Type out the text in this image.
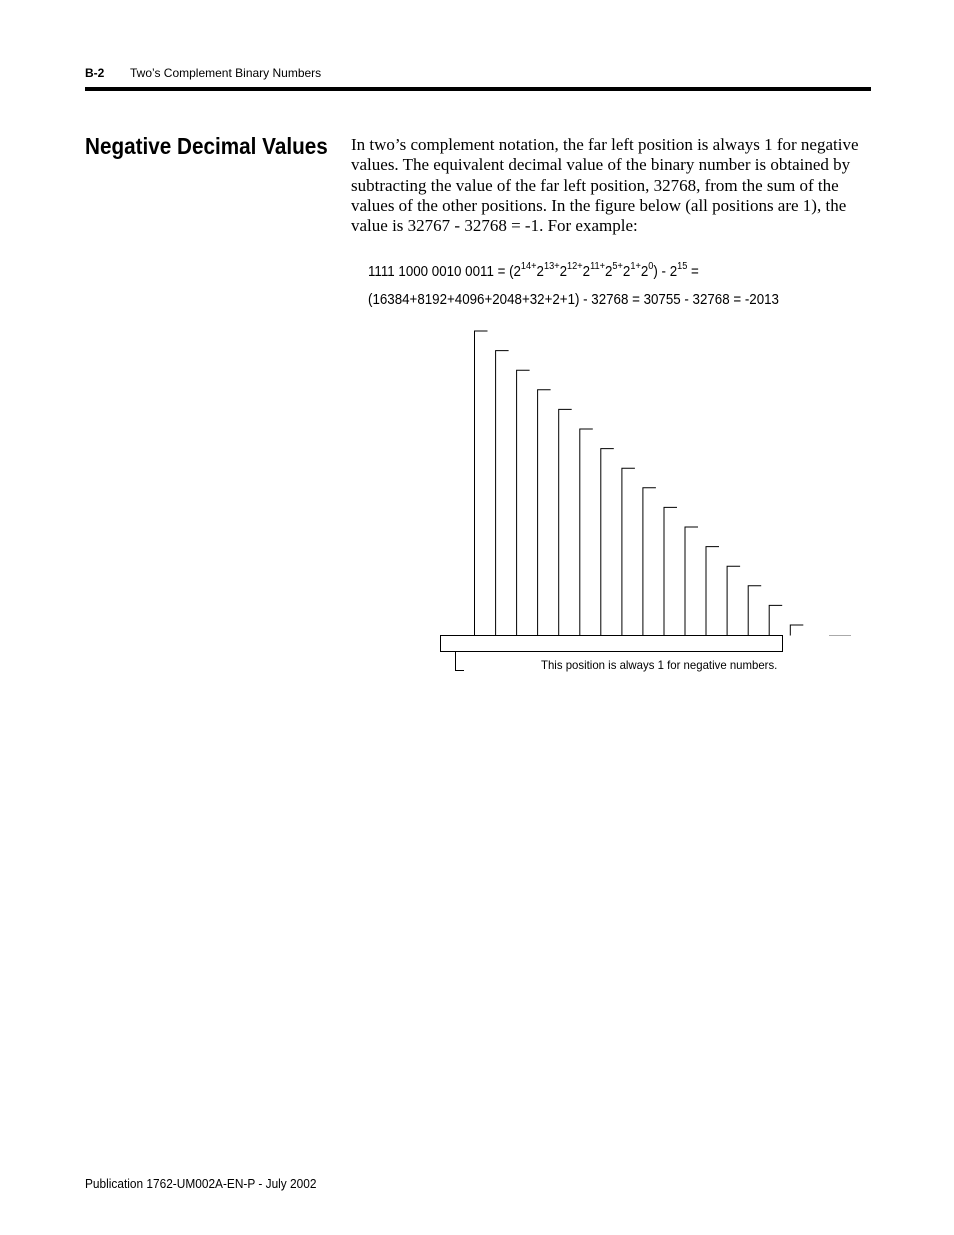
B-2 Two’s Complement Binary Numbers
Negative Decimal Values In two’s complement notation, the far left position is always 1 for negative values. The equivalent decimal value of the binary number is obtained by subtracting the value of the far left position, 32768, from the sum of the values of the other positions. In the figure below (all positions are 1), the value is 32767 - 32768 = -1. For example:

1111 1000 0010 $0011 = (2^{14+}2^{13+}2^{12+}2^{11+}2^{5+}2^{1+}2^0) - 2^{15}$ =
(16384+8192+4096+2048+32+2+1) - 32768 = 30755 - 32768 = -2013
This position is always 1 for negative numbers.
Publication 1762-UM002A-EN-P - July 2002
